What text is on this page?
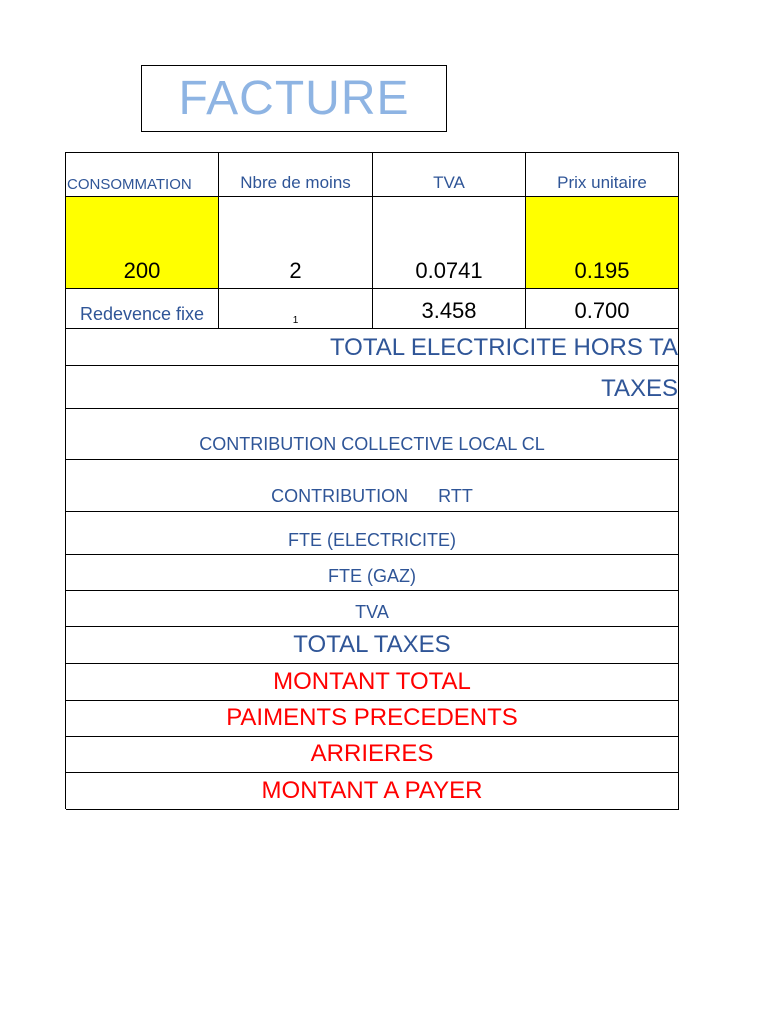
FACTURE
CONSOMMATION	Nbre de moins	TVA	Prix unitaire
200	2	0.0741	0.195
Redevence fixe	1	3.458	0.700
TOTAL ELECTRICITE HORS TA
TAXES
CONTRIBUTION COLLECTIVE LOCAL CL
CONTRIBUTION      RTT
FTE (ELECTRICITE)
FTE (GAZ)
TVA
TOTAL TAXES
MONTANT TOTAL
PAIMENTS PRECEDENTS
ARRIERES
MONTANT A PAYER
